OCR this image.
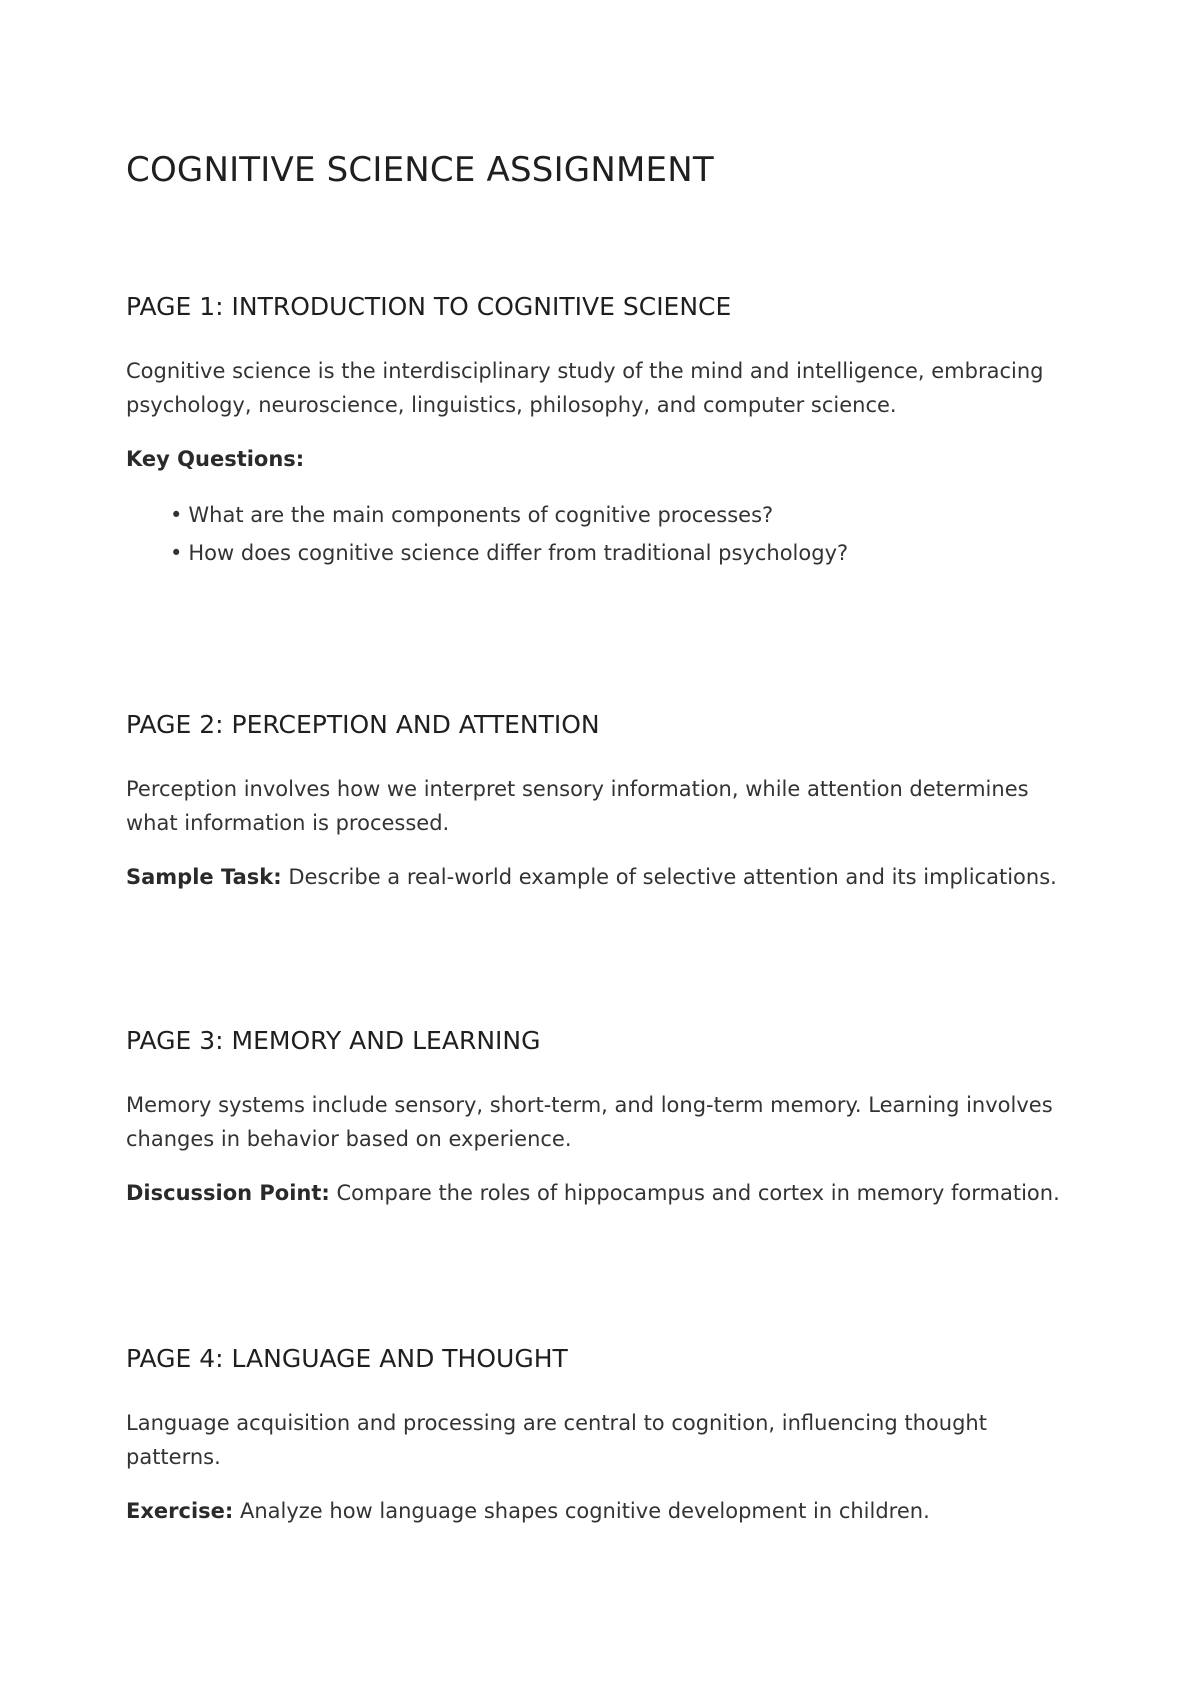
COGNITIVE SCIENCE ASSIGNMENT
PAGE 1: INTRODUCTION TO COGNITIVE SCIENCE

Cognitive science is the interdisciplinary study of the mind and intelligence, embracing psychology, neuroscience, linguistics, philosophy, and computer science.

Key Questions:

• What are the main components of cognitive processes?
• How does cognitive science differ from traditional psychology?
PAGE 2: PERCEPTION AND ATTENTION

Perception involves how we interpret sensory information, while attention determines what information is processed.

Sample Task: Describe a real-world example of selective attention and its implications.

PAGE 3: MEMORY AND LEARNING

Memory systems include sensory, short-term, and long-term memory. Learning involves changes in behavior based on experience.

Discussion Point: Compare the roles of hippocampus and cortex in memory formation.

PAGE 4: LANGUAGE AND THOUGHT

Language acquisition and processing are central to cognition, influencing thought patterns.

Exercise: Analyze how language shapes cognitive development in children.
